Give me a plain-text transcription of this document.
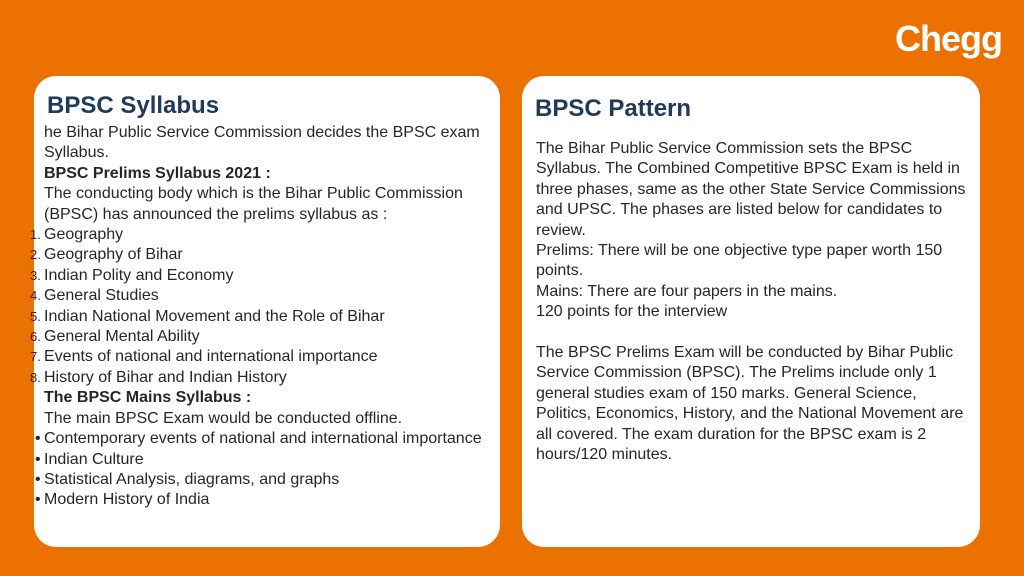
Chegg
BPSC Syllabus

he Bihar Public Service Commission decides the BPSC exam Syllabus.

BPSC Prelims Syllabus 2021 :

The conducting body which is the Bihar Public Commission (BPSC) has announced the prelims syllabus as :

1. Geography
2. Geography of Bihar
3. Indian Polity and Economy
4. General Studies
5. Indian National Movement and the Role of Bihar
6. General Mental Ability
7. Events of national and international importance
8. History of Bihar and Indian History

The BPSC Mains Syllabus :

The main BPSC Exam would be conducted offline.

• Contemporary events of national and international importance
• Indian Culture
• Statistical Analysis, diagrams, and graphs
• Modern History of India
BPSC Pattern

The Bihar Public Service Commission sets the BPSC Syllabus. The Combined Competitive BPSC Exam is held in three phases, same as the other State Service Commissions and UPSC. The phases are listed below for candidates to review.

Prelims: There will be one objective type paper worth 150 points.

Mains: There are four papers in the mains.

120 points for the interview

The BPSC Prelims Exam will be conducted by Bihar Public Service Commission (BPSC). The Prelims include only 1 general studies exam of 150 marks. General Science, Politics, Economics, History, and the National Movement are all covered. The exam duration for the BPSC exam is 2 hours/120 minutes.
